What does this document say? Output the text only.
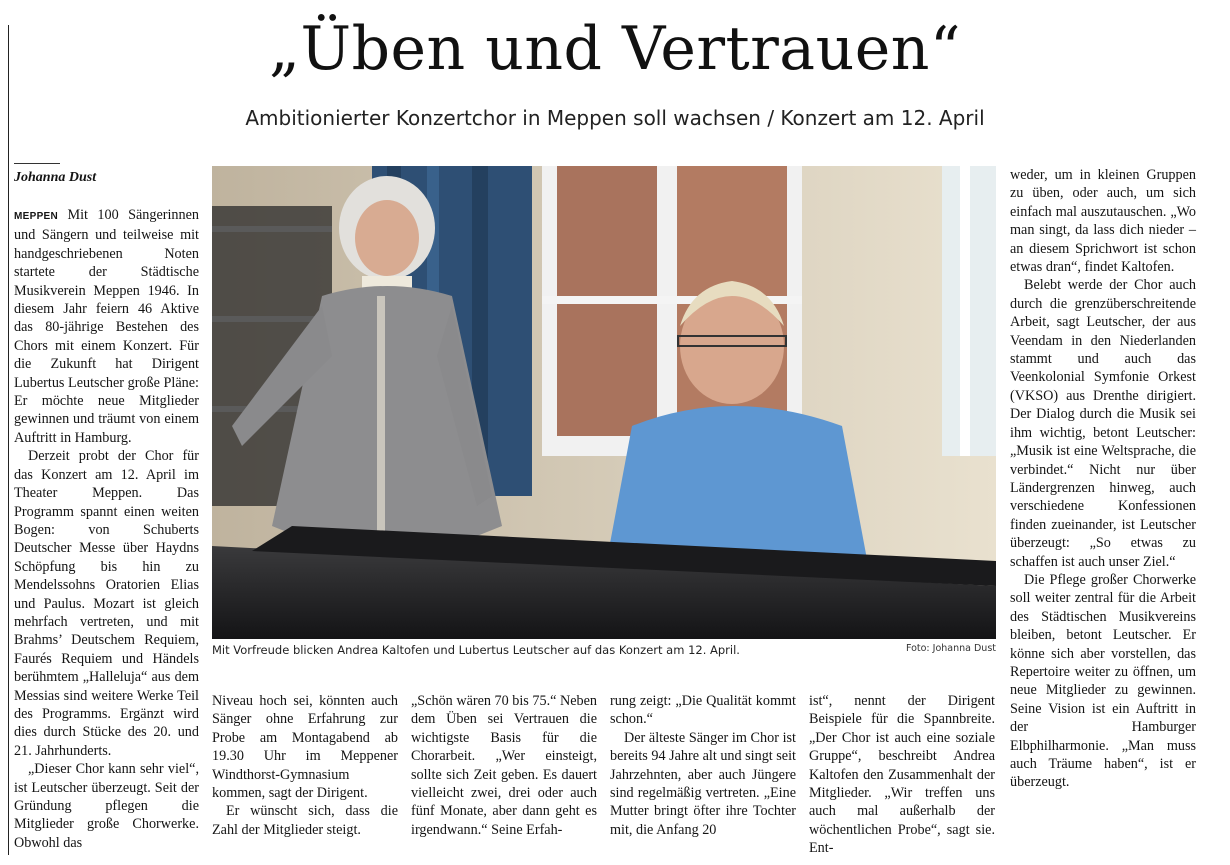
„Üben und Vertrauen“
Ambitionierter Konzertchor in Meppen soll wachsen / Konzert am 12. April
Johanna Dust

MEPPEN Mit 100 Sängerinnen und Sängern und teilweise mit handgeschriebenen Noten startete der Städtische Musikverein Meppen 1946. In diesem Jahr feiern 46 Aktive das 80-jährige Bestehen des Chors mit einem Konzert. Für die Zukunft hat Dirigent Lubertus Leutscher große Pläne: Er möchte neue Mitglieder gewinnen und träumt von einem Auftritt in Hamburg.

Derzeit probt der Chor für das Konzert am 12. April im Theater Meppen. Das Programm spannt einen weiten Bogen: von Schuberts Deutscher Messe über Haydns Schöpfung bis hin zu Mendelssohns Oratorien Elias und Paulus. Mozart ist gleich mehrfach vertreten, und mit Brahms’ Deutschem Requiem, Faurés Requiem und Händels berühmtem „Halleluja“ aus dem Messias sind weitere Werke Teil des Programms. Ergänzt wird dies durch Stücke des 20. und 21. Jahrhunderts.

„Dieser Chor kann sehr viel“, ist Leutscher überzeugt. Seit der Gründung pflegen die Mitglieder große Chorwerke. Obwohl das

Mit Vorfreude blicken Andrea Kaltofen und Lubertus Leutscher auf das Konzert am 12. April.	Foto: Johanna Dust

Niveau hoch sei, könnten auch Sänger ohne Erfahrung zur Probe am Montagabend ab 19.30 Uhr im Meppener Windthorst-Gymnasium kommen, sagt der Dirigent.

Er wünscht sich, dass die Zahl der Mitglieder steigt.

„Schön wären 70 bis 75.“ Neben dem Üben sei Vertrauen die wichtigste Basis für die Chorarbeit. „Wer einsteigt, sollte sich Zeit geben. Es dauert vielleicht zwei, drei oder auch fünf Monate, aber dann geht es irgendwann.“ Seine Erfah-

rung zeigt: „Die Qualität kommt schon.“

Der älteste Sänger im Chor ist bereits 94 Jahre alt und singt seit Jahrzehnten, aber auch Jüngere sind regelmäßig vertreten. „Eine Mutter bringt öfter ihre Tochter mit, die Anfang 20

ist“, nennt der Dirigent Beispiele für die Spannbreite. „Der Chor ist auch eine soziale Gruppe“, beschreibt Andrea Kaltofen den Zusammenhalt der Mitglieder. „Wir treffen uns auch mal außerhalb der wöchentlichen Probe“, sagt sie. Ent-

weder, um in kleinen Gruppen zu üben, oder auch, um sich einfach mal auszutauschen. „Wo man singt, da lass dich nieder – an diesem Sprichwort ist schon etwas dran“, findet Kaltofen.

Belebt werde der Chor auch durch die grenzüberschreitende Arbeit, sagt Leutscher, der aus Veendam in den Niederlanden stammt und auch das Veenkolonial Symfonie Orkest (VKSO) aus Drenthe dirigiert. Der Dialog durch die Musik sei ihm wichtig, betont Leutscher: „Musik ist eine Weltsprache, die verbindet.“ Nicht nur über Ländergrenzen hinweg, auch verschiedene Konfessionen finden zueinander, ist Leutscher überzeugt: „So etwas zu schaffen ist auch unser Ziel.“

Die Pflege großer Chorwerke soll weiter zentral für die Arbeit des Städtischen Musikvereins bleiben, betont Leutscher. Er könne sich aber vorstellen, das Repertoire weiter zu öffnen, um neue Mitglieder zu gewinnen. Seine Vision ist ein Auftritt in der Hamburger Elbphilharmonie. „Man muss auch Träume haben“, ist er überzeugt.
